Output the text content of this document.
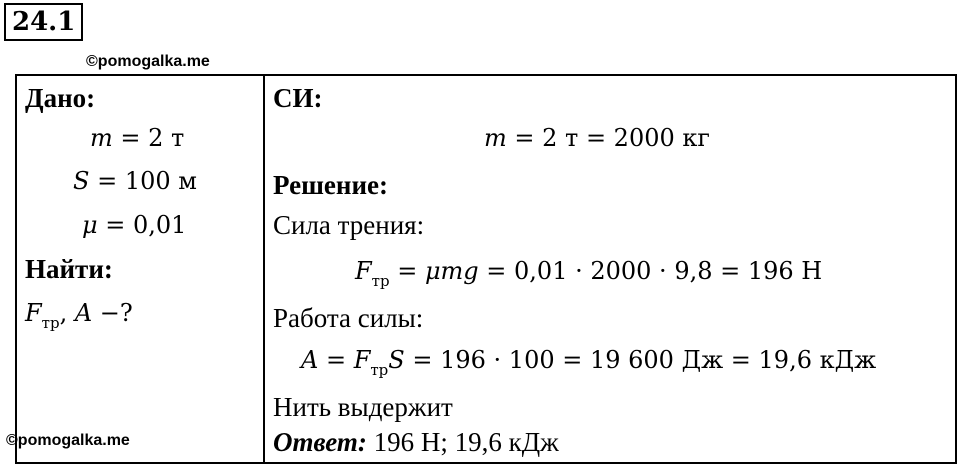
24.1
©pomogalka.me
Дано:
m = 2 т
S = 100 м
μ = 0,01
Найти:
$F_{тр}$, A −?
СИ:
m = 2 т = 2000 кг
Решение:
Сила трения:
$F_{тр} = \mu mg = 0,01 \cdot 2000 \cdot 9,8 = 196$ Н
Работа силы:
$A = F_{тр}S = 196 \cdot 100 = 19$ 600 Дж = 19,6 кДж
Нить выдержит
Ответ: 196 Н; 19,6 кДж
©pomogalka.me
